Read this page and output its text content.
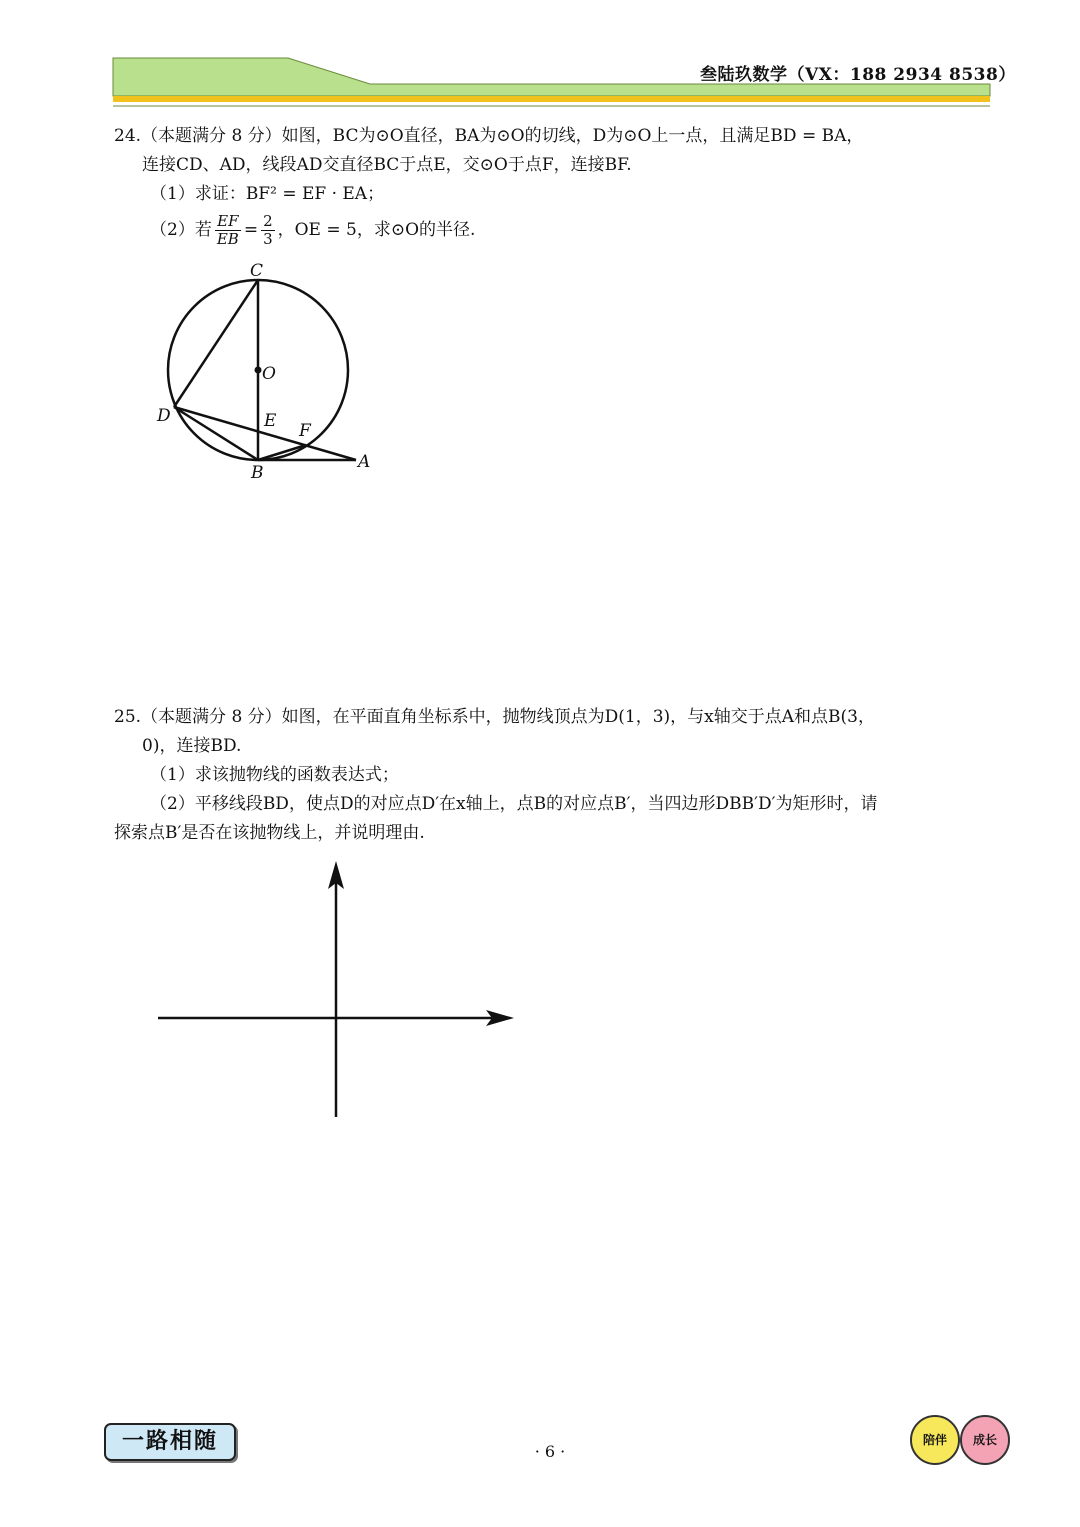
叁陆玖数学（VX：188 2934 8538）
24.（本题满分 8 分）如图，BC为⊙O直径，BA为⊙O的切线，D为⊙O上一点，且满足BD = BA，
连接CD、AD，线段AD交直径BC于点E，交⊙O于点F，连接BF.
（1）求证：BF² = EF · EA；
（2）若 $\frac{EF}{EB} = \frac{2}{3}$ ，OE = 5，求⊙O的半径.
C
O
D	E F
A
B
25.（本题满分 8 分）如图，在平面直角坐标系中，抛物线顶点为D(1，3)，与x轴交于点A和点B(3，
0)，连接BD.
（1）求该抛物线的函数表达式；
（2）平移线段BD，使点D的对应点D′在x轴上，点B的对应点B′，当四边形DBB′D′为矩形时，请
探索点B′是否在该抛物线上，并说明理由.
一路相随	· 6 ·
陪伴	成长
